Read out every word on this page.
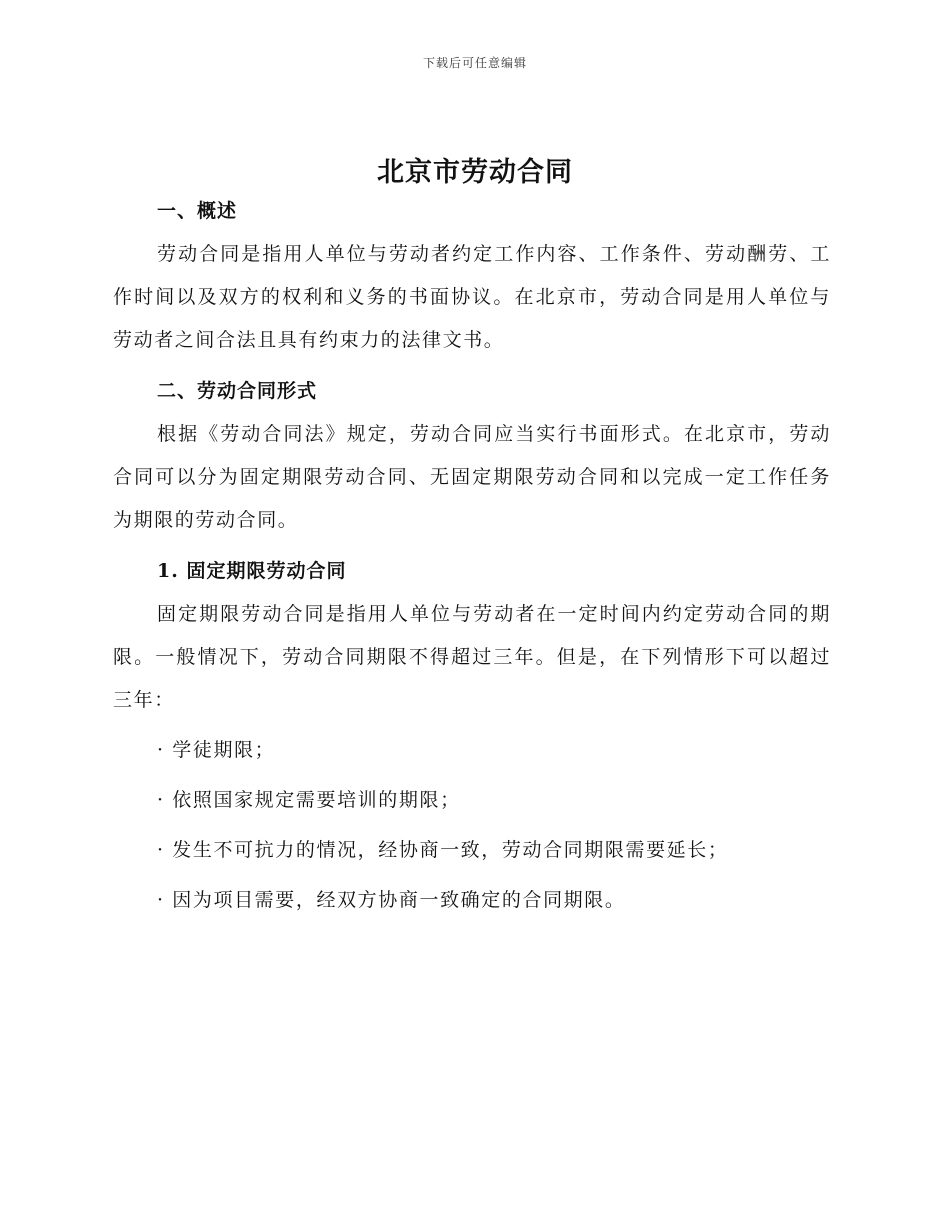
下载后可任意编辑
北京市劳动合同

一、概述

劳动合同是指用人单位与劳动者约定工作内容、工作条件、劳动酬劳、工作时间以及双方的权利和义务的书面协议。在北京市，劳动合同是用人单位与劳动者之间合法且具有约束力的法律文书。

二、劳动合同形式

根据《劳动合同法》规定，劳动合同应当实行书面形式。在北京市，劳动合同可以分为固定期限劳动合同、无固定期限劳动合同和以完成一定工作任务为期限的劳动合同。

1. 固定期限劳动合同

固定期限劳动合同是指用人单位与劳动者在一定时间内约定劳动合同的期限。一般情况下，劳动合同期限不得超过三年。但是，在下列情形下可以超过三年：

· 学徒期限；

· 依照国家规定需要培训的期限；

· 发生不可抗力的情况，经协商一致，劳动合同期限需要延长；

· 因为项目需要，经双方协商一致确定的合同期限。
